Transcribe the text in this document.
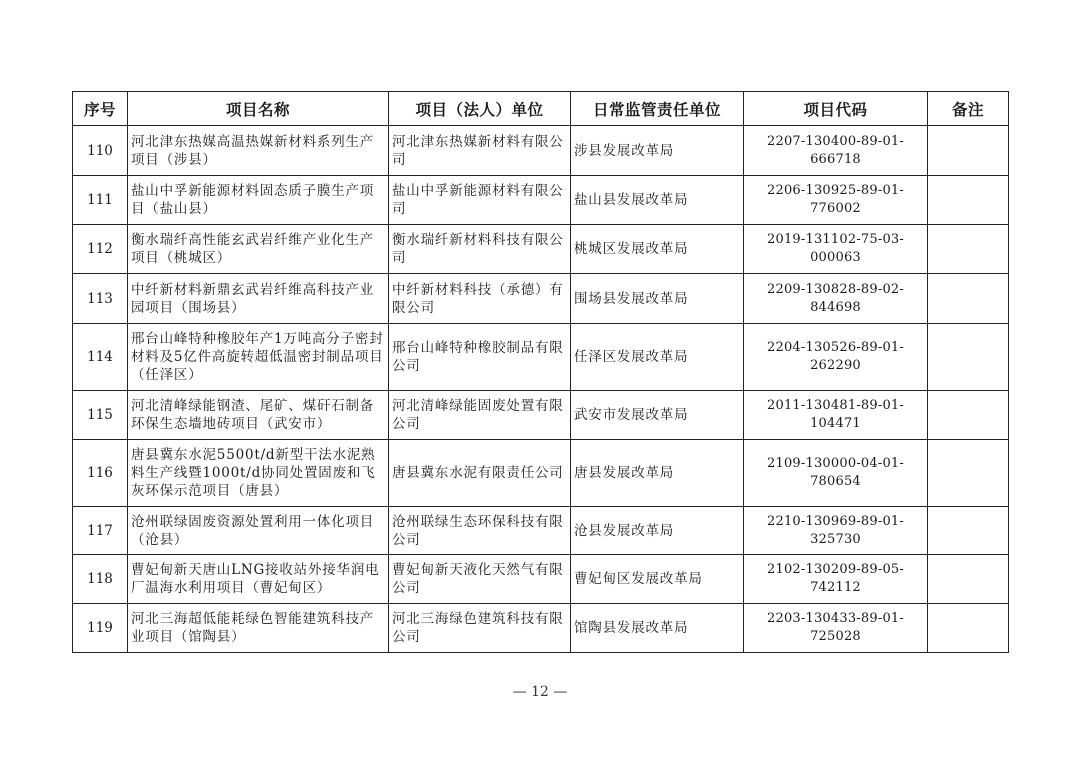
序号	项目名称	项目（法人）单位	日常监管责任单位	项目代码	备注
110	河北津东热媒高温热媒新材料系列生产项目（涉县）	河北津东热媒新材料有限公司	涉县发展改革局	2207-130400-89-01-666718	
111	盐山中孚新能源材料固态质子膜生产项目（盐山县）	盐山中孚新能源材料有限公司	盐山县发展改革局	2206-130925-89-01-776002	
112	衡水瑞纤高性能玄武岩纤维产业化生产项目（桃城区）	衡水瑞纤新材料科技有限公司	桃城区发展改革局	2019-131102-75-03-000063	
113	中纤新材料新鼎玄武岩纤维高科技产业园项目（围场县）	中纤新材料科技（承德）有限公司	围场县发展改革局	2209-130828-89-02-844698	
114	邢台山峰特种橡胶年产1万吨高分子密封材料及5亿件高旋转超低温密封制品项目（任泽区）	邢台山峰特种橡胶制品有限公司	任泽区发展改革局	2204-130526-89-01-262290	
115	河北清峰绿能钢渣、尾矿、煤矸石制备环保生态墙地砖项目（武安市）	河北清峰绿能固废处置有限公司	武安市发展改革局	2011-130481-89-01-104471	
116	唐县冀东水泥5500t/d新型干法水泥熟料生产线暨1000t/d协同处置固废和飞灰环保示范项目（唐县）	唐县冀东水泥有限责任公司	唐县发展改革局	2109-130000-04-01-780654	
117	沧州联绿固废资源处置利用一体化项目（沧县）	沧州联绿生态环保科技有限公司	沧县发展改革局	2210-130969-89-01-325730	
118	曹妃甸新天唐山LNG接收站外接华润电厂温海水利用项目（曹妃甸区）	曹妃甸新天液化天然气有限公司	曹妃甸区发展改革局	2102-130209-89-05-742112	
119	河北三海超低能耗绿色智能建筑科技产业项目（馆陶县）	河北三海绿色建筑科技有限公司	馆陶县发展改革局	2203-130433-89-01-725028	
— 12 —
